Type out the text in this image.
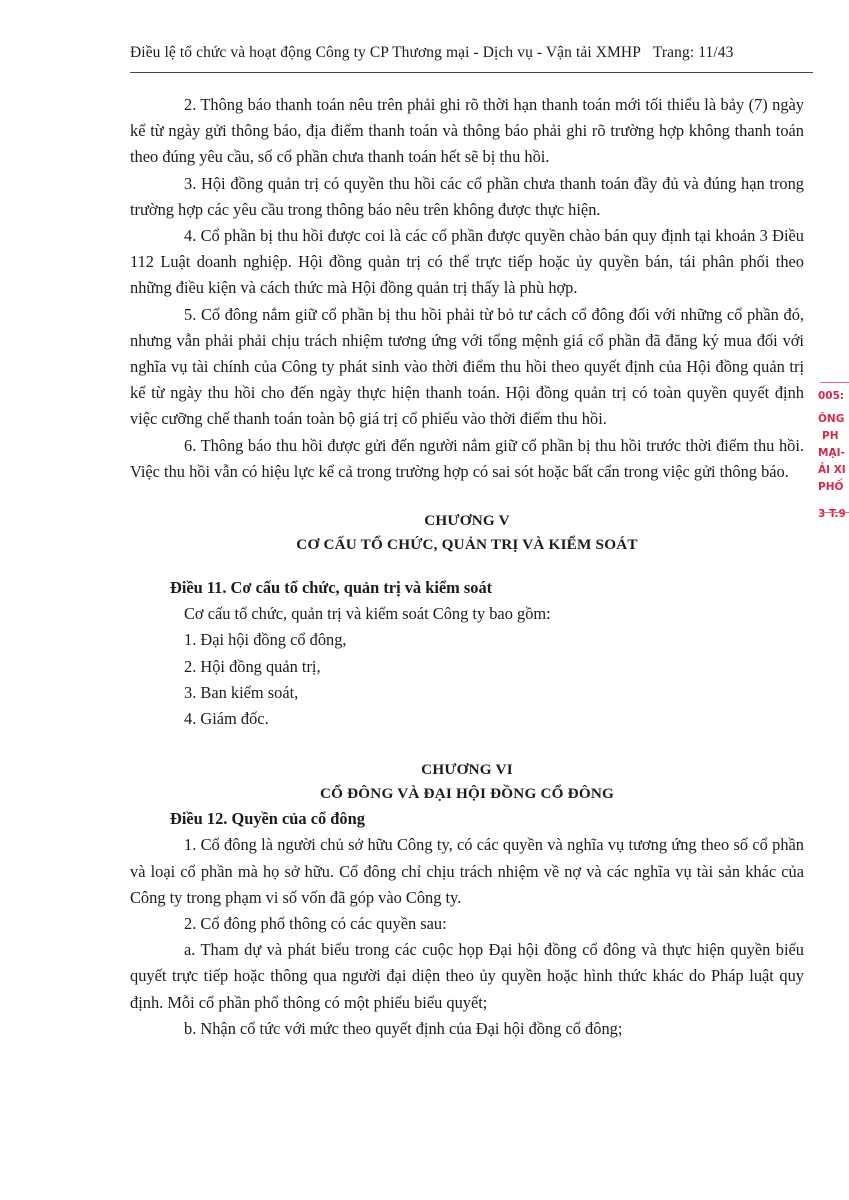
Điều lệ tổ chức và hoạt động Công ty CP Thương mại - Dịch vụ - Vận tải XMHP Trang: 11/43

2. Thông báo thanh toán nêu trên phải ghi rõ thời hạn thanh toán mới tối thiểu là bảy (7) ngày kể từ ngày gửi thông báo, địa điểm thanh toán và thông báo phải ghi rõ trường hợp không thanh toán theo đúng yêu cầu, số cổ phần chưa thanh toán hết sẽ bị thu hồi.

3. Hội đồng quản trị có quyền thu hồi các cổ phần chưa thanh toán đầy đủ và đúng hạn trong trường hợp các yêu cầu trong thông báo nêu trên không được thực hiện.

4. Cổ phần bị thu hồi được coi là các cổ phần được quyền chào bán quy định tại khoản 3 Điều 112 Luật doanh nghiệp. Hội đồng quản trị có thể trực tiếp hoặc ủy quyền bán, tái phân phối theo những điều kiện và cách thức mà Hội đồng quản trị thấy là phù hợp.

5. Cổ đông nắm giữ cổ phần bị thu hồi phải từ bỏ tư cách cổ đông đối với những cổ phần đó, nhưng vẫn phải phải chịu trách nhiệm tương ứng với tổng mệnh giá cổ phần đã đăng ký mua đối với nghĩa vụ tài chính của Công ty phát sinh vào thời điểm thu hồi theo quyết định của Hội đồng quản trị kể từ ngày thu hồi cho đến ngày thực hiện thanh toán. Hội đồng quản trị có toàn quyền quyết định việc cưỡng chế thanh toán toàn bộ giá trị cổ phiếu vào thời điểm thu hồi.

6. Thông báo thu hồi được gửi đến người nắm giữ cổ phần bị thu hồi trước thời điểm thu hồi. Việc thu hồi vẫn có hiệu lực kể cả trong trường hợp có sai sót hoặc bất cẩn trong việc gửi thông báo.

CHƯƠNG V
CƠ CẤU TỔ CHỨC, QUẢN TRỊ VÀ KIỂM SOÁT

Điều 11. Cơ cấu tổ chức, quản trị và kiểm soát

Cơ cấu tổ chức, quản trị và kiểm soát Công ty bao gồm:

1. Đại hội đồng cổ đông,

2. Hội đồng quản trị,

3. Ban kiểm soát,

4. Giám đốc.

CHƯƠNG VI
CỔ ĐÔNG VÀ ĐẠI HỘI ĐỒNG CỔ ĐÔNG

Điều 12. Quyền của cổ đông

1. Cổ đông là người chủ sở hữu Công ty, có các quyền và nghĩa vụ tương ứng theo số cổ phần và loại cổ phần mà họ sở hữu. Cổ đông chỉ chịu trách nhiệm về nợ và các nghĩa vụ tài sản khác của Công ty trong phạm vi số vốn đã góp vào Công ty.

2. Cổ đông phổ thông có các quyền sau:

a. Tham dự và phát biểu trong các cuộc họp Đại hội đồng cổ đông và thực hiện quyền biểu quyết trực tiếp hoặc thông qua người đại diện theo ủy quyền hoặc hình thức khác do Pháp luật quy định. Mỗi cổ phần phổ thông có một phiếu biểu quyết;

b. Nhận cổ tức với mức theo quyết định của Đại hội đồng cổ đông;

005:
ÔNG
PH
MẠI-
ẢI XI
PHỐ
3 T.9
